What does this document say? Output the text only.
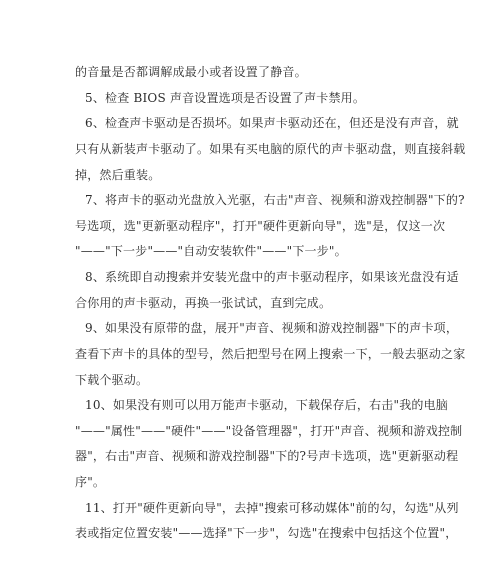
的音量是否都调解成最小或者设置了静音。
5、检查 BIOS 声音设置选项是否设置了声卡禁用。
6、检查声卡驱动是否损坏。如果声卡驱动还在，但还是没有声音，就
只有从新装声卡驱动了。如果有买电脑的原代的声卡驱动盘，则直接斜载
掉，然后重装。
7、将声卡的驱动光盘放入光驱，右击"声音、视频和游戏控制器"下的?
号选项，选"更新驱动程序"，打开"硬件更新向导"，选"是，仅这一次
"——"下一步"——"自动安装软件"——"下一步"。
8、系统即自动搜索并安装光盘中的声卡驱动程序，如果该光盘没有适
合你用的声卡驱动，再换一张试试，直到完成。
9、如果没有原带的盘，展开"声音、视频和游戏控制器"下的声卡项，
查看下声卡的具体的型号，然后把型号在网上搜索一下，一般去驱动之家
下载个驱动。
10、如果没有则可以用万能声卡驱动，下载保存后，右击"我的电脑
"——"属性"——"硬件"——"设备管理器"，打开"声音、视频和游戏控制
器"，右击"声音、视频和游戏控制器"下的?号声卡选项，选"更新驱动程
序"。
11、打开"硬件更新向导"，去掉"搜索可移动媒体"前的勾，勾选"从列
表或指定位置安装"——选择"下一步"，勾选"在搜索中包括这个位置"，
